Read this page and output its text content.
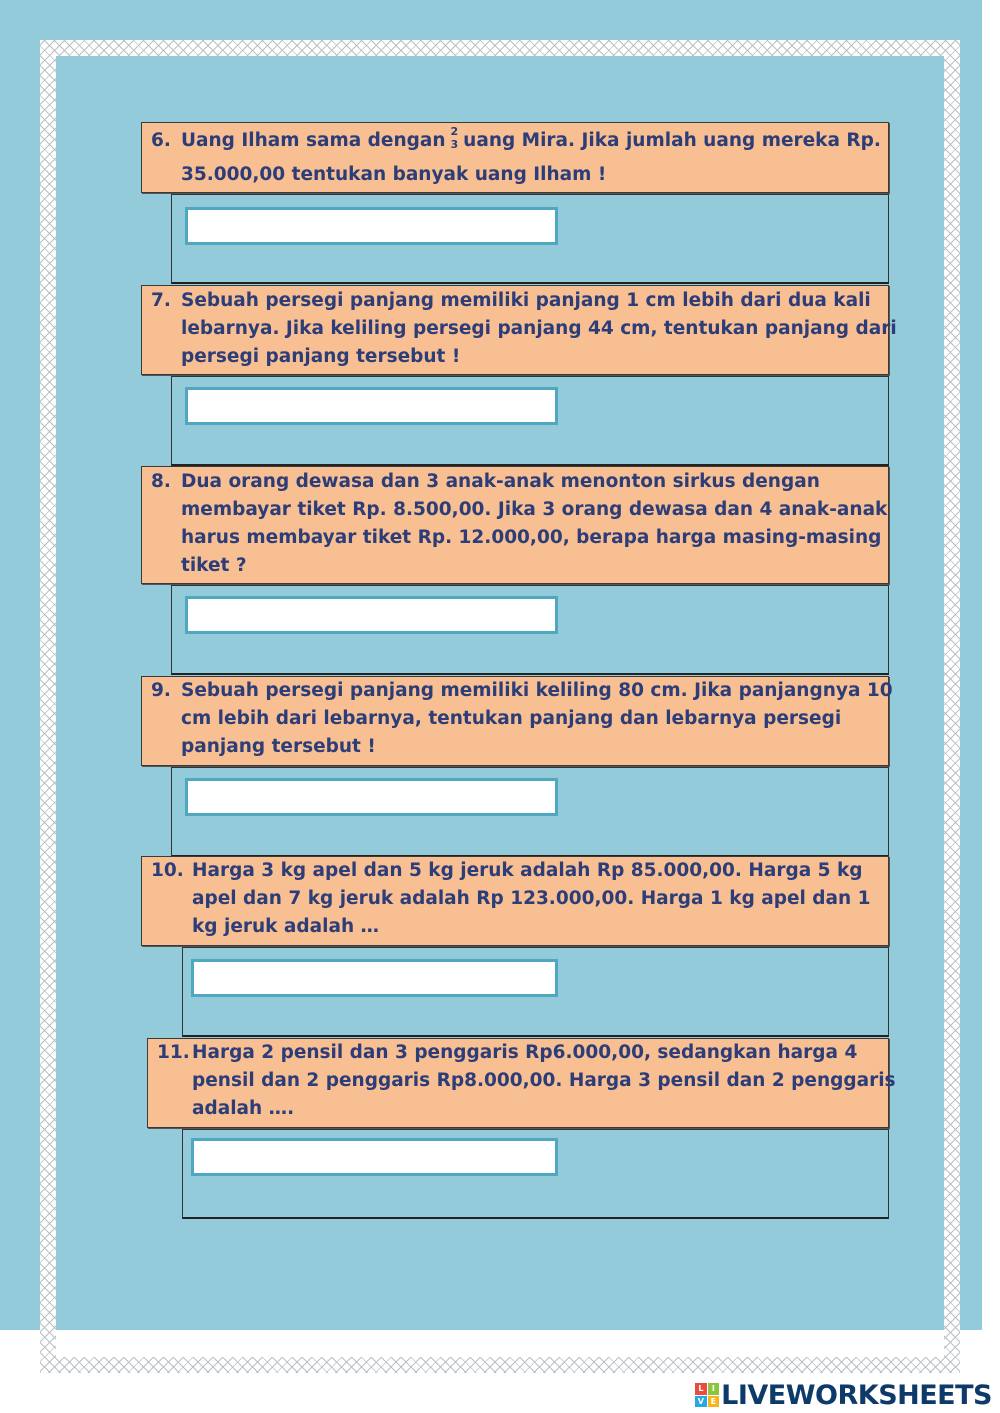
6. Uang Ilham sama dengan 2
3 uang Mira. Jika jumlah uang mereka Rp.
35.000,00 tentukan banyak uang Ilham !
7. Sebuah persegi panjang memiliki panjang 1 cm lebih dari dua kali
lebarnya. Jika keliling persegi panjang 44 cm, tentukan panjang dari
persegi panjang tersebut !
8. Dua orang dewasa dan 3 anak-anak menonton sirkus dengan
membayar tiket Rp. 8.500,00. Jika 3 orang dewasa dan 4 anak-anak
harus membayar tiket Rp. 12.000,00, berapa harga masing-masing
tiket ?
9. Sebuah persegi panjang memiliki keliling 80 cm. Jika panjangnya 10
cm lebih dari lebarnya, tentukan panjang dan lebarnya persegi
panjang tersebut !
10. Harga 3 kg apel dan 5 kg jeruk adalah Rp 85.000,00. Harga 5 kg
apel dan 7 kg jeruk adalah Rp 123.000,00. Harga 1 kg apel dan 1
kg jeruk adalah …
11. Harga 2 pensil dan 3 penggaris Rp6.000,00, sedangkan harga 4
pensil dan 2 penggaris Rp8.000,00. Harga 3 pensil dan 2 penggaris
adalah ….
L	I
V E LIVEWORKSHEETS
